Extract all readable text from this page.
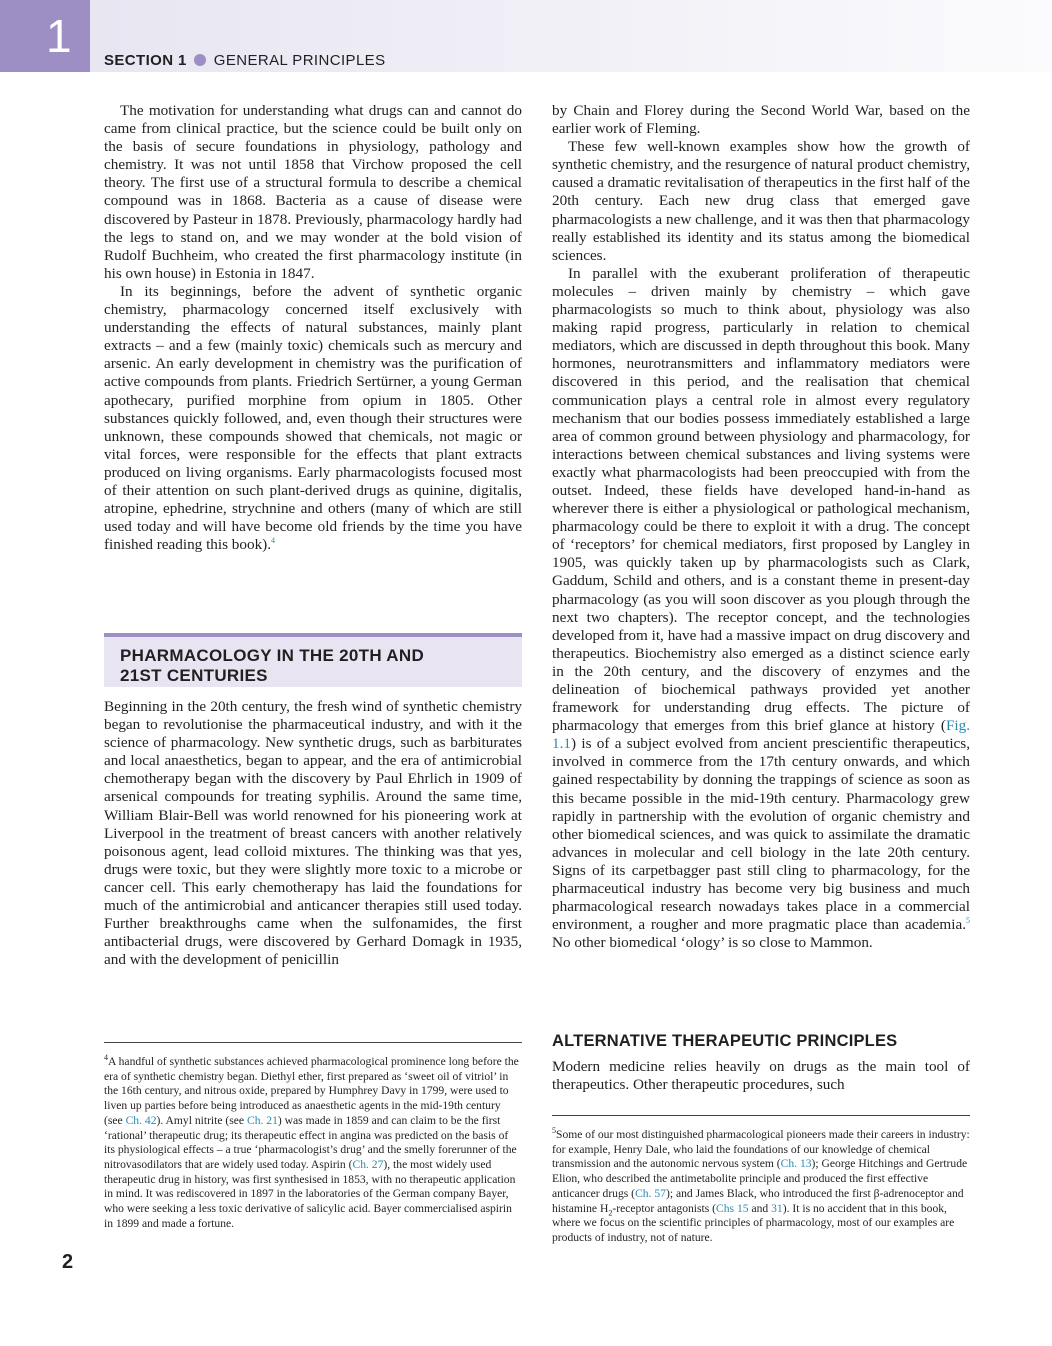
1 SECTION 1 GENERAL PRINCIPLES

The motivation for understanding what drugs can and cannot do came from clinical practice, but the science could be built only on the basis of secure foundations in physiology, pathology and chemistry. It was not until 1858 that Virchow proposed the cell theory. The first use of a structural formula to describe a chemical compound was in 1868. Bacteria as a cause of disease were discovered by Pasteur in 1878. Previously, pharmacology hardly had the legs to stand on, and we may wonder at the bold vision of Rudolf Buchheim, who created the first pharmacology institute (in his own house) in Estonia in 1847.

In its beginnings, before the advent of synthetic organic chemistry, pharmacology concerned itself exclusively with understanding the effects of natural substances, mainly plant extracts – and a few (mainly toxic) chemicals such as mercury and arsenic. An early development in chemistry was the purification of active compounds from plants. Friedrich Sertürner, a young German apothecary, purified morphine from opium in 1805. Other substances quickly followed, and, even though their structures were unknown, these compounds showed that chemicals, not magic or vital forces, were responsible for the effects that plant extracts produced on living organisms. Early pharmacologists focused most of their attention on such plant-derived drugs as quinine, digitalis, atropine, ephedrine, strychnine and others (many of which are still used today and will have become old friends by the time you have finished reading this book).$^4$

PHARMACOLOGY IN THE 20TH AND
21ST CENTURIES

Beginning in the 20th century, the fresh wind of synthetic chemistry began to revolutionise the pharmaceutical industry, and with it the science of pharmacology. New synthetic drugs, such as barbiturates and local anaesthetics, began to appear, and the era of antimicrobial chemotherapy began with the discovery by Paul Ehrlich in 1909 of arsenical compounds for treating syphilis. Around the same time, William Blair-Bell was world renowned for his pioneering work at Liverpool in the treatment of breast cancers with another relatively poisonous agent, lead colloid mixtures. The thinking was that yes, drugs were toxic, but they were slightly more toxic to a microbe or cancer cell. This early chemotherapy has laid the foundations for much of the antimicrobial and anticancer therapies still used today. Further breakthroughs came when the sulfonamides, the first antibacterial drugs, were discovered by Gerhard Domagk in 1935, and with the development of penicillin

$^4$A handful of synthetic substances achieved pharmacological prominence long before the era of synthetic chemistry began. Diethyl ether, first prepared as ‘sweet oil of vitriol’ in the 16th century, and nitrous oxide, prepared by Humphrey Davy in 1799, were used to liven up parties before being introduced as anaesthetic agents in the mid-19th century (see Ch. 42). Amyl nitrite (see Ch. 21) was made in 1859 and can claim to be the first ‘rational’ therapeutic drug; its therapeutic effect in angina was predicted on the basis of its physiological effects – a true ‘pharmacologist’s drug’ and the smelly forerunner of the nitrovasodilators that are widely used today. Aspirin (Ch. 27), the most widely used therapeutic drug in history, was first synthesised in 1853, with no therapeutic application in mind. It was rediscovered in 1897 in the laboratories of the German company Bayer, who were seeking a less toxic derivative of salicylic acid. Bayer commercialised aspirin in 1899 and made a fortune.

by Chain and Florey during the Second World War, based on the earlier work of Fleming.

These few well-known examples show how the growth of synthetic chemistry, and the resurgence of natural product chemistry, caused a dramatic revitalisation of therapeutics in the first half of the 20th century. Each new drug class that emerged gave pharmacologists a new challenge, and it was then that pharmacology really established its identity and its status among the biomedical sciences.

In parallel with the exuberant proliferation of therapeutic molecules – driven mainly by chemistry – which gave pharmacologists so much to think about, physiology was also making rapid progress, particularly in relation to chemical mediators, which are discussed in depth throughout this book. Many hormones, neurotransmitters and inflammatory mediators were discovered in this period, and the realisation that chemical communication plays a central role in almost every regulatory mechanism that our bodies possess immediately established a large area of common ground between physiology and pharmacology, for interactions between chemical substances and living systems were exactly what pharmacologists had been preoccupied with from the outset. Indeed, these fields have developed hand-in-hand as wherever there is either a physiological or pathological mechanism, pharmacology could be there to exploit it with a drug. The concept of ‘receptors’ for chemical mediators, first proposed by Langley in 1905, was quickly taken up by pharmacologists such as Clark, Gaddum, Schild and others, and is a constant theme in present-day pharmacology (as you will soon discover as you plough through the next two chapters). The receptor concept, and the technologies developed from it, have had a massive impact on drug discovery and therapeutics. Biochemistry also emerged as a distinct science early in the 20th century, and the discovery of enzymes and the delineation of biochemical pathways provided yet another framework for understanding drug effects. The picture of pharmacology that emerges from this brief glance at history (Fig. 1.1) is of a subject evolved from ancient prescientific therapeutics, involved in commerce from the 17th century onwards, and which gained respectability by donning the trappings of science as soon as this became possible in the mid-19th century. Pharmacology grew rapidly in partnership with the evolution of organic chemistry and other biomedical sciences, and was quick to assimilate the dramatic advances in molecular and cell biology in the late 20th century. Signs of its carpetbagger past still cling to pharmacology, for the pharmaceutical industry has become very big business and much pharmacological research nowadays takes place in a commercial environment, a rougher and more pragmatic place than academia.$^5$ No other biomedical ‘ology’ is so close to Mammon.

ALTERNATIVE THERAPEUTIC PRINCIPLES

Modern medicine relies heavily on drugs as the main tool of therapeutics. Other therapeutic procedures, such

$^5$Some of our most distinguished pharmacological pioneers made their careers in industry: for example, Henry Dale, who laid the foundations of our knowledge of chemical transmission and the autonomic nervous system (Ch. 13); George Hitchings and Gertrude Elion, who described the antimetabolite principle and produced the first effective anticancer drugs (Ch. 57); and James Black, who introduced the first β-adrenoceptor and histamine $H_2$-receptor antagonists (Chs 15 and 31). It is no accident that in this book, where we focus on the scientific principles of pharmacology, most of our examples are products of industry, not of nature.
2
